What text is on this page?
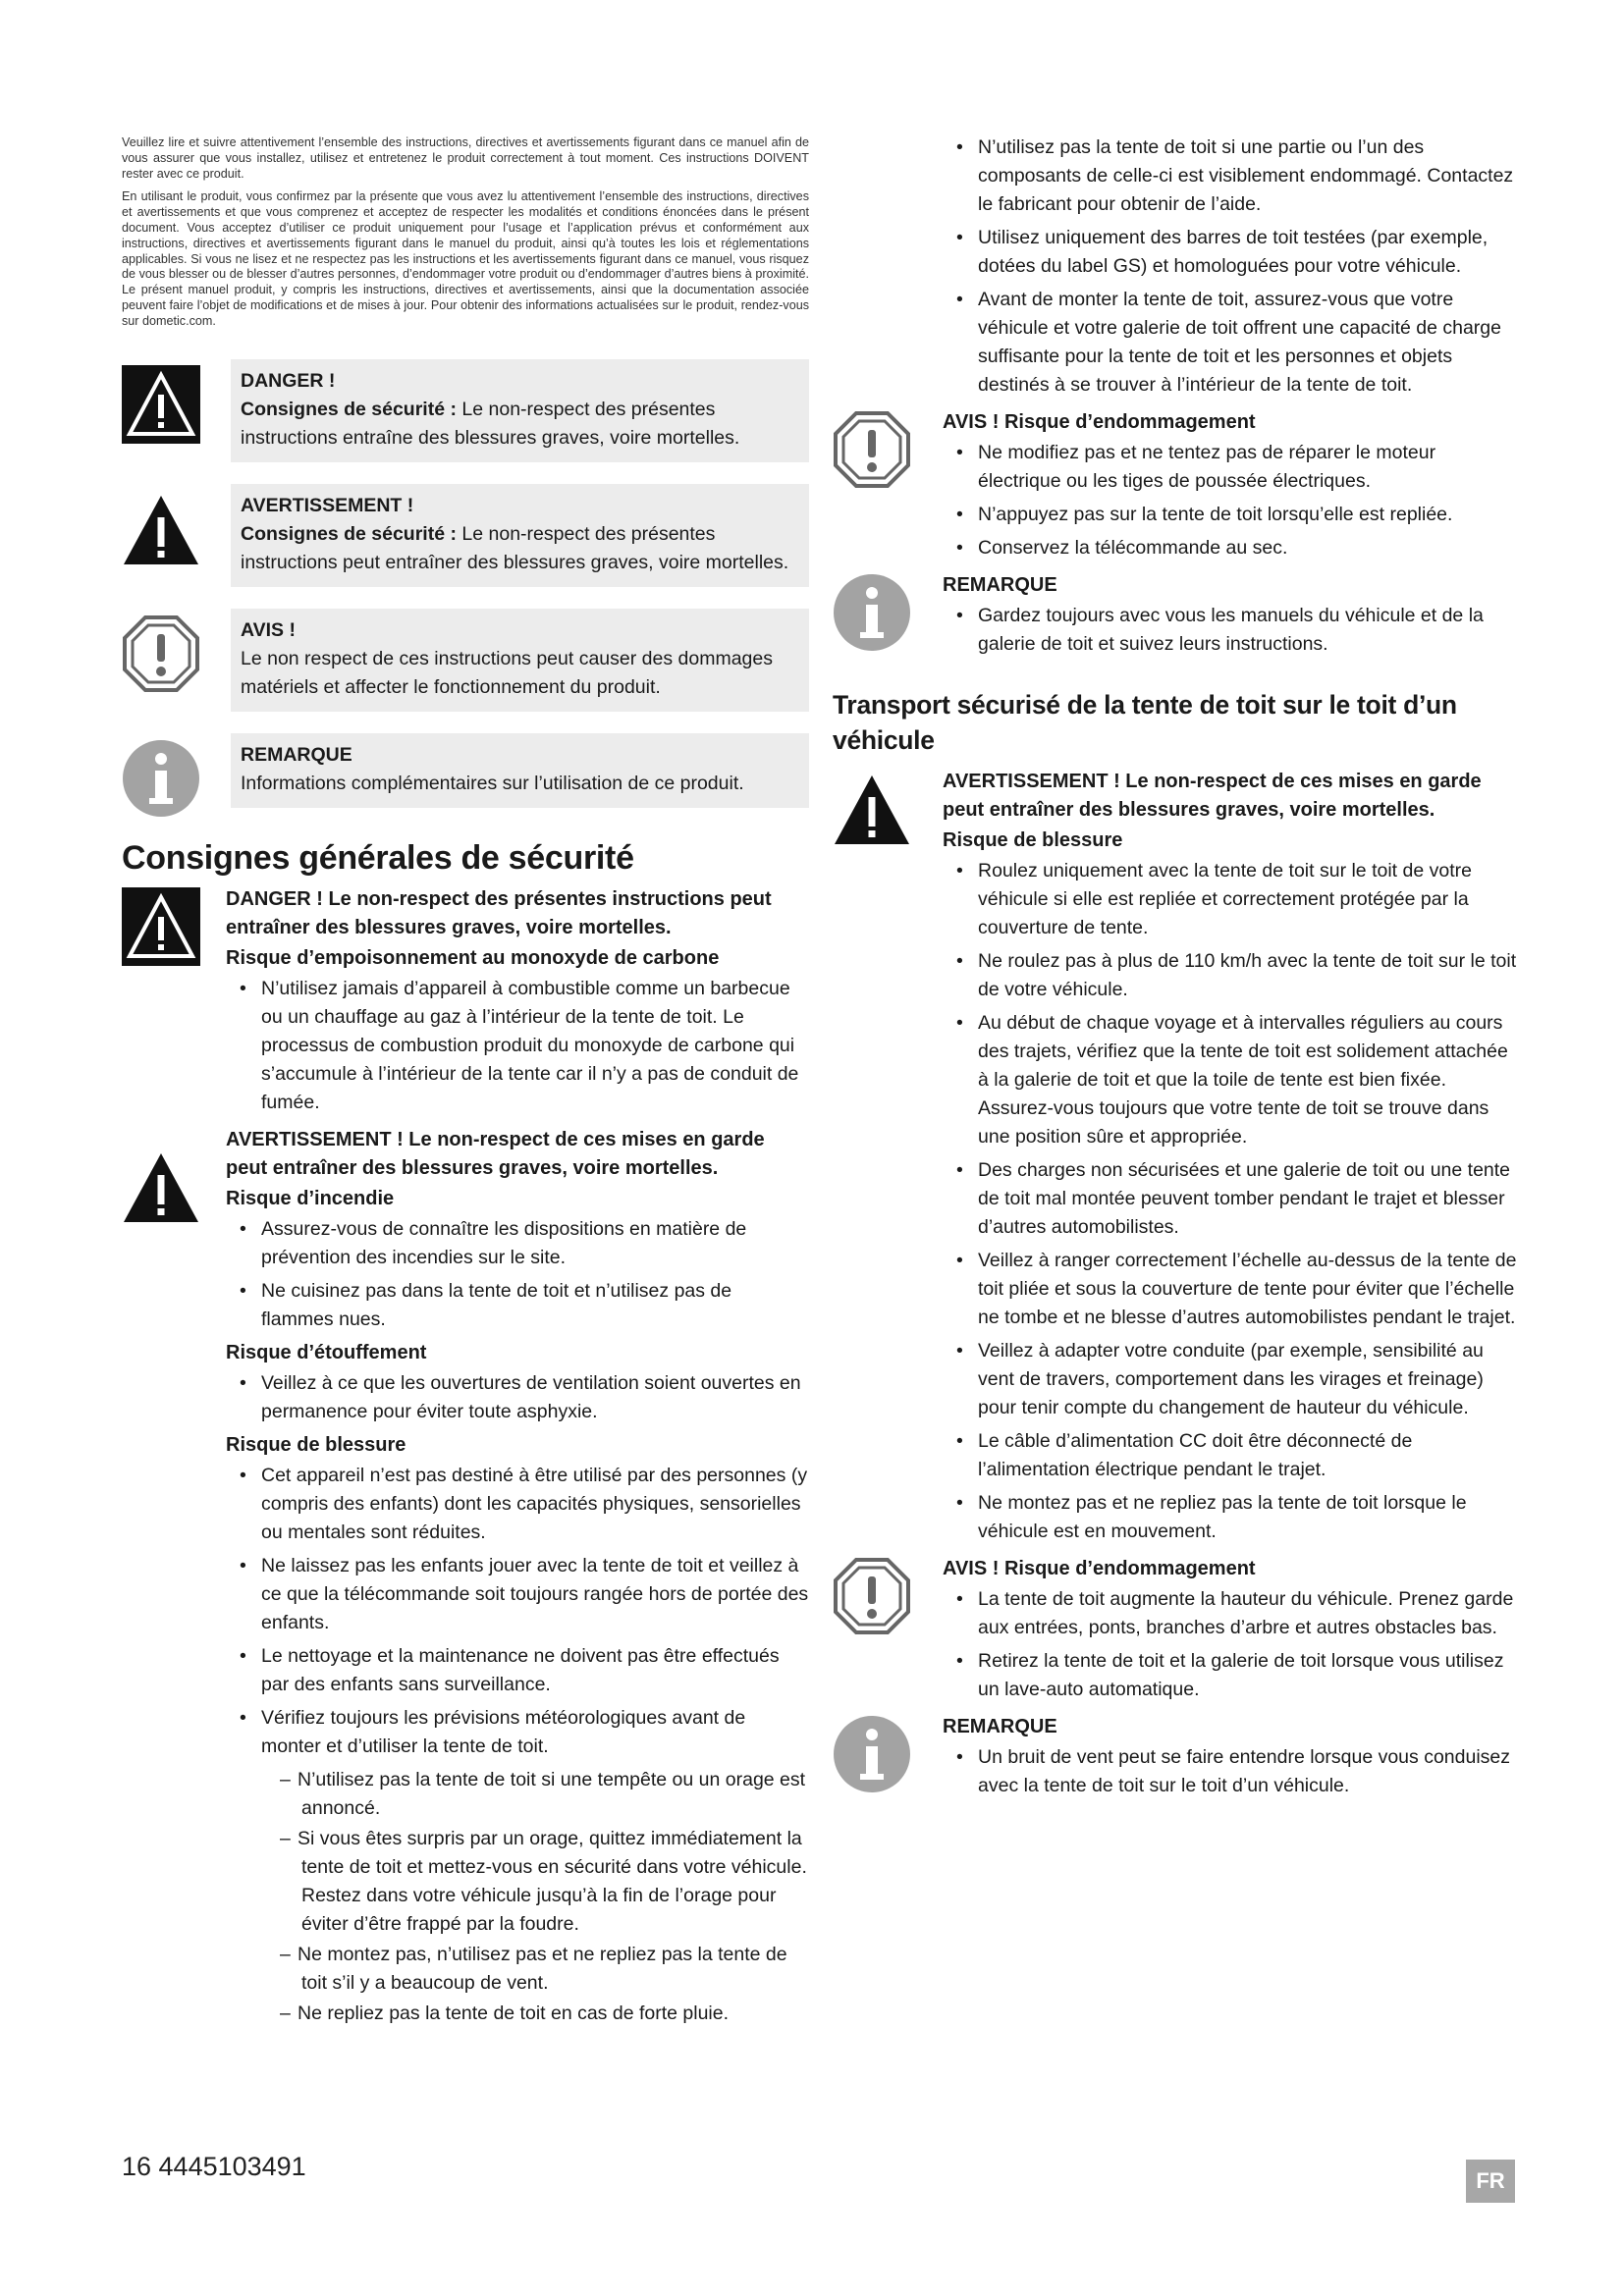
Veuillez lire et suivre attentivement l’ensemble des instructions, directives et avertissements figurant dans ce manuel afin de vous assurer que vous installez, utilisez et entretenez le produit correctement à tout moment. Ces instructions DOIVENT rester avec ce produit.

En utilisant le produit, vous confirmez par la présente que vous avez lu attentivement l’ensemble des instructions, directives et avertissements et que vous comprenez et acceptez de respecter les modalités et conditions énoncées dans le présent document. Vous acceptez d’utiliser ce produit uniquement pour l’usage et l’application prévus et conformément aux instructions, directives et avertissements figurant dans le manuel du produit, ainsi qu’à toutes les lois et réglementations applicables. Si vous ne lisez et ne respectez pas les instructions et les avertissements figurant dans ce manuel, vous risquez de vous blesser ou de blesser d’autres personnes, d’endommager votre produit ou d’endommager d’autres biens à proximité. Le présent manuel produit, y compris les instructions, directives et avertissements, ainsi que la documentation associée peuvent faire l’objet de modifications et de mises à jour. Pour obtenir des informations actualisées sur le produit, rendez-vous sur dometic.com.

DANGER !
Consignes de sécurité : Le non-respect des présentes instructions entraîne des blessures graves, voire mortelles.
AVERTISSEMENT !
Consignes de sécurité : Le non-respect des présentes instructions peut entraîner des blessures graves, voire mortelles.
AVIS !
Le non respect de ces instructions peut causer des dommages matériels et affecter le fonctionnement du produit.
REMARQUE
Informations complémentaires sur l’utilisation de ce produit.
Consignes générales de sécurité
DANGER ! Le non-respect des présentes instructions peut entraîner des blessures graves, voire mortelles.
Risque d’empoisonnement au monoxyde de carbone
• N’utilisez jamais d’appareil à combustible comme un barbecue ou un chauffage au gaz à l’intérieur de la tente de toit. Le processus de combustion produit du monoxyde de carbone qui s’accumule à l’intérieur de la tente car il n’y a pas de conduit de fumée.
AVERTISSEMENT ! Le non-respect de ces mises en garde peut entraîner des blessures graves, voire mortelles.
Risque d’incendie
• Assurez-vous de connaître les dispositions en matière de prévention des incendies sur le site.
• Ne cuisinez pas dans la tente de toit et n’utilisez pas de flammes nues.
Risque d’étouffement
• Veillez à ce que les ouvertures de ventilation soient ouvertes en permanence pour éviter toute asphyxie.
Risque de blessure
• Cet appareil n’est pas destiné à être utilisé par des personnes (y compris des enfants) dont les capacités physiques, sensorielles ou mentales sont réduites.
• Ne laissez pas les enfants jouer avec la tente de toit et veillez à ce que la télécommande soit toujours rangée hors de portée des enfants.
• Le nettoyage et la maintenance ne doivent pas être effectués par des enfants sans surveillance.
• Vérifiez toujours les prévisions météorologiques avant de monter et d’utiliser la tente de toit.
– N’utilisez pas la tente de toit si une tempête ou un orage est annoncé.
– Si vous êtes surpris par un orage, quittez immédiatement la tente de toit et mettez-vous en sécurité dans votre véhicule. Restez dans votre véhicule jusqu’à la fin de l’orage pour éviter d’être frappé par la foudre.
– Ne montez pas, n’utilisez pas et ne repliez pas la tente de toit s’il y a beaucoup de vent.
– Ne repliez pas la tente de toit en cas de forte pluie.
• N’utilisez pas la tente de toit si une partie ou l’un des composants de celle-ci est visiblement endommagé. Contactez le fabricant pour obtenir de l’aide.
• Utilisez uniquement des barres de toit testées (par exemple, dotées du label GS) et homologuées pour votre véhicule.
• Avant de monter la tente de toit, assurez-vous que votre véhicule et votre galerie de toit offrent une capacité de charge suffisante pour la tente de toit et les personnes et objets destinés à se trouver à l’intérieur de la tente de toit.
AVIS ! Risque d’endommagement
• Ne modifiez pas et ne tentez pas de réparer le moteur électrique ou les tiges de poussée électriques.
• N’appuyez pas sur la tente de toit lorsqu’elle est repliée.
• Conservez la télécommande au sec.
REMARQUE
• Gardez toujours avec vous les manuels du véhicule et de la galerie de toit et suivez leurs instructions.
Transport sécurisé de la tente de toit sur le toit d’un véhicule
AVERTISSEMENT ! Le non-respect de ces mises en garde peut entraîner des blessures graves, voire mortelles.
Risque de blessure
• Roulez uniquement avec la tente de toit sur le toit de votre véhicule si elle est repliée et correctement protégée par la couverture de tente.
• Ne roulez pas à plus de 110 km/h avec la tente de toit sur le toit de votre véhicule.
• Au début de chaque voyage et à intervalles réguliers au cours des trajets, vérifiez que la tente de toit est solidement attachée à la galerie de toit et que la toile de tente est bien fixée. Assurez-vous toujours que votre tente de toit se trouve dans une position sûre et appropriée.
• Des charges non sécurisées et une galerie de toit ou une tente de toit mal montée peuvent tomber pendant le trajet et blesser d’autres automobilistes.
• Veillez à ranger correctement l’échelle au-dessus de la tente de toit pliée et sous la couverture de tente pour éviter que l’échelle ne tombe et ne blesse d’autres automobilistes pendant le trajet.
• Veillez à adapter votre conduite (par exemple, sensibilité au vent de travers, comportement dans les virages et freinage) pour tenir compte du changement de hauteur du véhicule.
• Le câble d’alimentation CC doit être déconnecté de l’alimentation électrique pendant le trajet.
• Ne montez pas et ne repliez pas la tente de toit lorsque le véhicule est en mouvement.
AVIS ! Risque d’endommagement
• La tente de toit augmente la hauteur du véhicule. Prenez garde aux entrées, ponts, branches d’arbre et autres obstacles bas.
• Retirez la tente de toit et la galerie de toit lorsque vous utilisez un lave-auto automatique.
REMARQUE
• Un bruit de vent peut se faire entendre lorsque vous conduisez avec la tente de toit sur le toit d’un véhicule.
16 4445103491	FR
